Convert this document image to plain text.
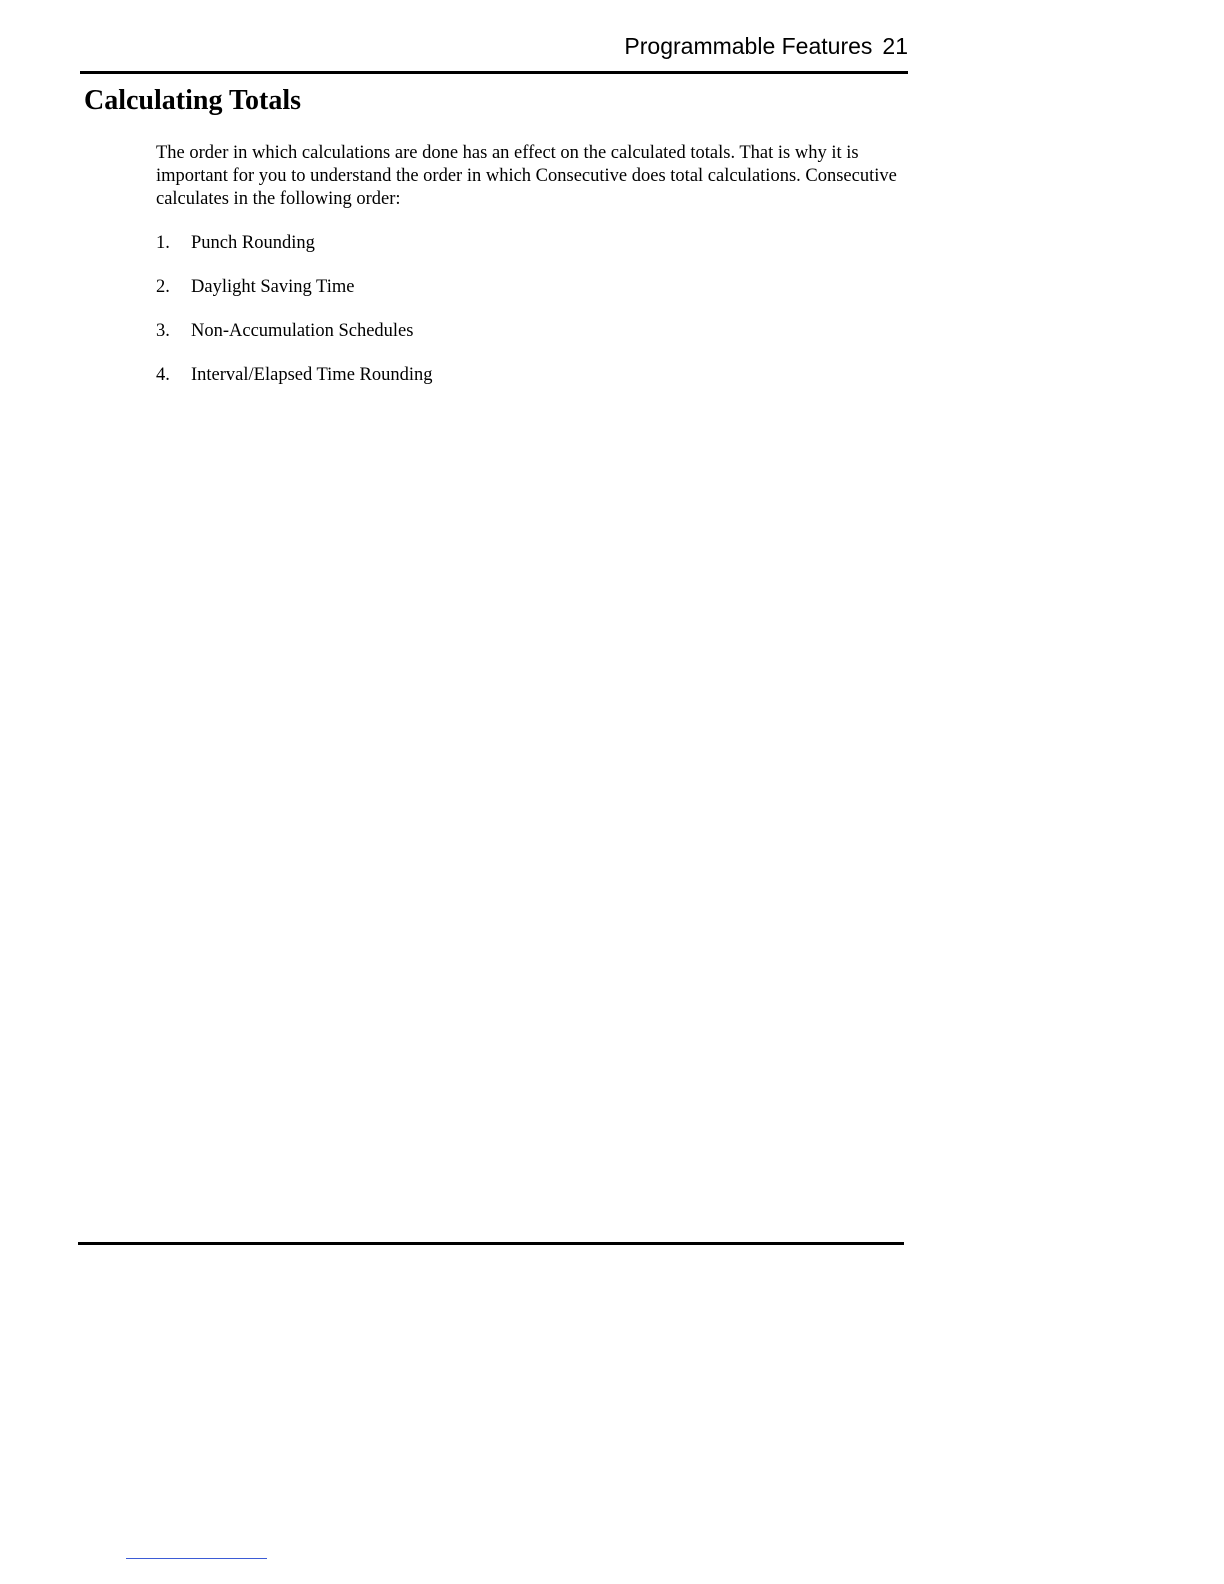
Programmable Features 21
Calculating Totals

The order in which calculations are done has an effect on the calculated totals. That is why it is important for you to understand the order in which Consecutive does total calculations. Consecutive calculates in the following order:

1.	Punch Rounding
2.	Daylight Saving Time
3.	Non-Accumulation Schedules
4.	Interval/Elapsed Time Rounding
